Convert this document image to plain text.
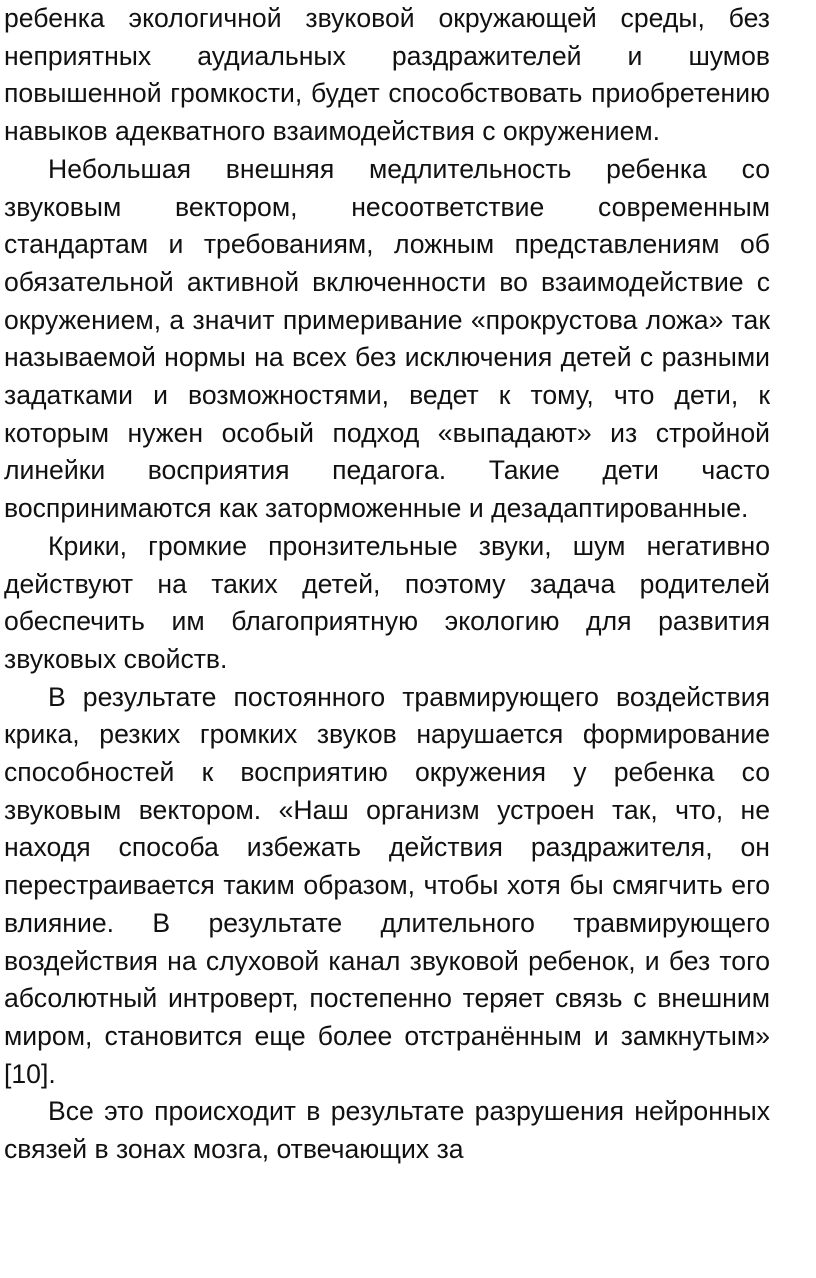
ребенка экологичной звуковой окружающей среды, без неприятных аудиальных раздражителей и шумов повышенной громкости, будет способствовать приобретению навыков адекватного взаимодействия с окружением.

Небольшая внешняя медлительность ребенка со звуковым вектором, несоответствие современным стандартам и требованиям, ложным представлениям об обязательной активной включенности во взаимодействие с окружением, а значит примеривание «прокрустова ложа» так называемой нормы на всех без исключения детей с разными задатками и возможностями, ведет к тому, что дети, к которым нужен особый подход «выпадают» из стройной линейки восприятия педагога. Такие дети часто воспринимаются как заторможенные и дезадаптированные.

Крики, громкие пронзительные звуки, шум негативно действуют на таких детей, поэтому задача родителей обеспечить им благоприятную экологию для развития звуковых свойств.

В результате постоянного травмирующего воздействия крика, резких громких звуков нарушается формирование способностей к восприятию окружения у ребенка со звуковым вектором. «Наш организм устроен так, что, не находя способа избежать действия раздражителя, он перестраивается таким образом, чтобы хотя бы смягчить его влияние. В результате длительного травмирующего воздействия на слуховой канал звуковой ребенок, и без того абсолютный интроверт, постепенно теряет связь с внешним миром, становится еще более отстранённым и замкнутым» [10].

Все это происходит в результате разрушения нейронных связей в зонах мозга, отвечающих за
